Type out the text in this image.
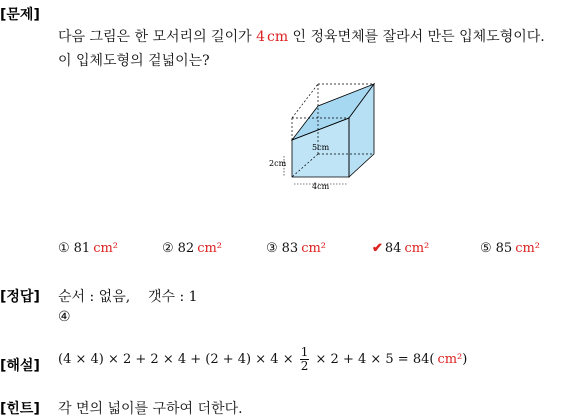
[문제]
다음 그림은 한 모서리의 길이가 4 cm 인 정육면체를 잘라서 만든 입체도형이다.
이 입체도형의 겉넓이는?
5cm
2cm
4cm
① 81 cm²	② 82 cm²	③ 83 cm²	✔ 84 cm²	⑤ 85 cm²
[정답] 순서 : 없음,    갯수 : 1
④
[해설] $(4 \times 4) \times 2 + 2 \times 4 + (2 + 4) \times 4 \times \frac{1}{2} \times 2 + 4 \times 5 = 84$( cm²)
[힌트] 각 면의 넓이를 구하여 더한다.
